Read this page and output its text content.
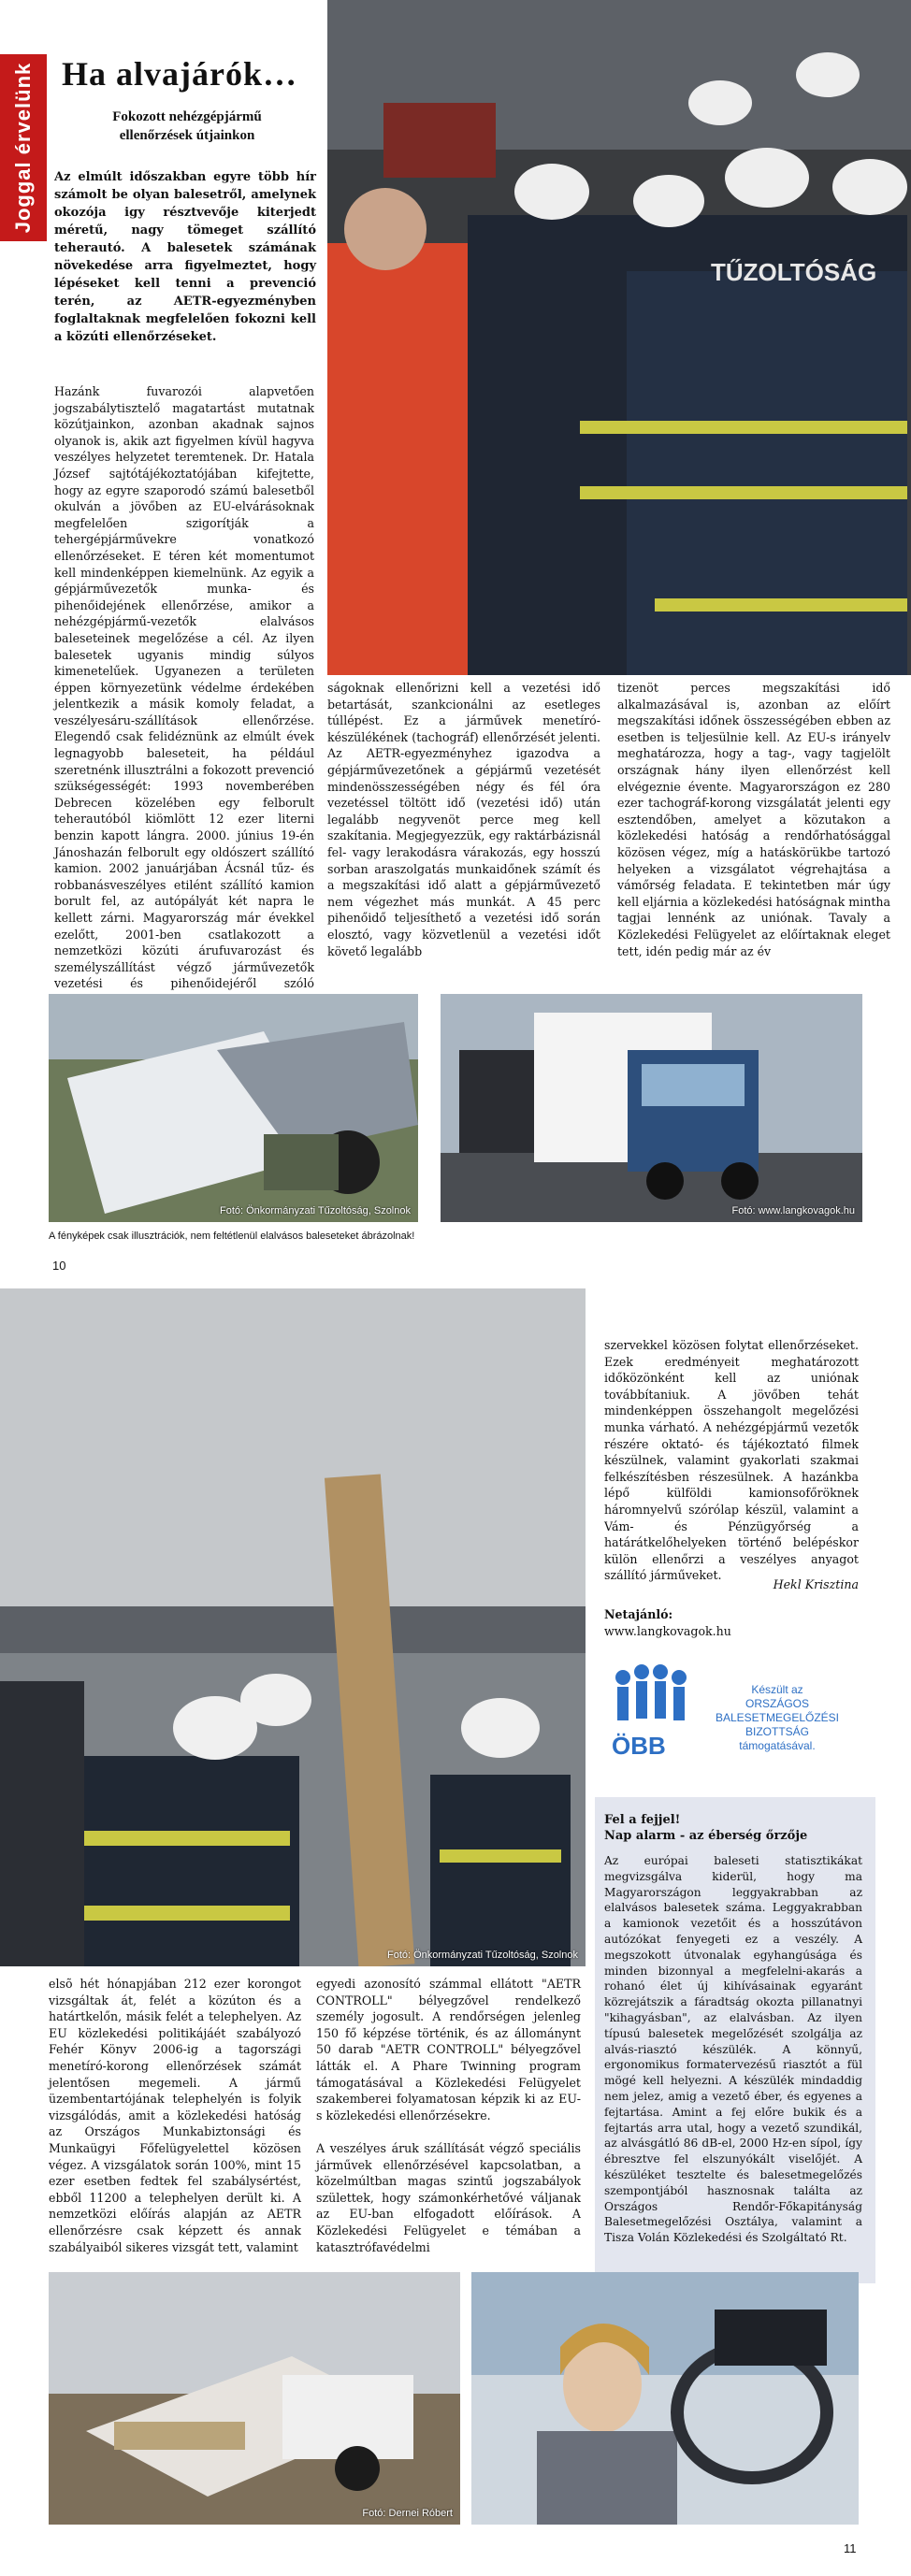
Joggal érvelünk Ha alvajárók…
Fokozott nehézgépjármű
ellenőrzések útjainkon
Az elmúlt időszakban egyre több hír számolt be olyan balesetről, amelynek okozója igy résztvevője kiterjedt méretű, nagy tömeget szállító teherautó. A balesetek számának növekedése arra figyelmeztet, hogy lépéseket kell tenni a prevenció terén, az AETR-egyezményben foglaltaknak megfelelően fokozni kell a közúti ellenőrzéseket.

Hazánk fuvarozói alapvetően jogszabálytisztelő magatartást mutatnak közútjainkon, azonban akadnak sajnos olyanok is, akik azt figyelmen kívül hagyva veszélyes helyzetet teremtenek. Dr. Hatala József sajtótájékoztatójában kifejtette, hogy az egyre szaporodó számú balesetből okulván a jövőben az EU-elvárásoknak megfelelően szigorítják a tehergépjárművekre vonatkozó ellenőrzéseket. E téren két momentumot kell mindenképpen kiemelnünk. Az egyik a gépjárművezetők munka- és pihenőidejének ellenőrzése, amikor a nehézgépjármű-vezetők elalvásos baleseteinek megelőzése a cél. Az ilyen balesetek ugyanis mindig súlyos kimenetelűek. Ugyanezen a területen éppen környezetünk védelme érdekében jelentkezik a másik komoly feladat, a veszélyesáru-szállítások ellenőrzése. Elegendő csak felidéznünk az elmúlt évek legnagyobb baleseteit, ha például szeretnénk illusztrálni a fokozott prevenció szükségességét: 1993 novemberében Debrecen közelében egy felborult teherautóból kiömlött 12 ezer literni benzin kapott lángra. 2000. június 19-én Jánoshazán felborult egy oldószert szállító kamion. 2002 januárjában Ácsnál tűz- és robbanásveszélyes etilént szállító kamion borult fel, az autópályát két napra le kellett zárni. Magyarország már évekkel ezelőtt, 2001-ben csatlakozott a nemzetközi közúti árufuvarozást és személyszállítást végző járművezetők vezetési és pihenőidejéről szóló

TŰZOLTÓSÁG
ságoknak ellenőrizni kell a vezetési idő betartását, szankcionálni az esetleges túllépést. Ez a járművek menetíró-készülékének (tachográf) ellenőrzését jelenti. Az AETR-egyezményhez igazodva a gépjárművezetőnek a gépjármű vezetését mindenösszességében négy és fél óra vezetéssel töltött idő (vezetési idő) után legalább negyvenöt perce meg kell szakítania. Megjegyezzük, egy raktárbázisnál fel- vagy lerakodásra várakozás, egy hosszú sorban araszolgatás munkaidőnek számít és a megszakítási idő alatt a gépjárművezető nem végezhet más munkát. A 45 perc pihenőidő teljesíthető a vezetési idő során elosztó, vagy közvetlenül a vezetési időt követő legalább
tizenöt perces megszakítási idő alkalmazásával is, azonban az előírt megszakítási időnek összességében ebben az esetben is teljesülnie kell. Az EU-s irányelv meghatározza, hogy a tag-, vagy tagjelölt országnak hány ilyen ellenőrzést kell elvégeznie évente. Magyarországon ez 280 ezer tachográf-korong vizsgálatát jelenti egy esztendőben, amelyet a közutakon a közlekedési hatóság a rendőrhatósággal közösen végez, míg a hatáskörükbe tartozó helyeken a vizsgálatot végrehajtása a vámőrség feladata. E tekintetben már úgy kell eljárnia a közlekedési hatóságnak mintha tagjai lennénk az uniónak. Tavaly a Közlekedési Felügyelet az előírtaknak eleget tett, idén pedig már az év
Fotó: Önkormányzati Tűzoltóság, Szolnok	Fotó: www.langkovagok.hu
A fényképek csak illusztrációk, nem feltétlenül elalvásos baleseteket ábrázolnak!
10
Fotó: Önkormányzati Tűzoltóság, Szolnok
szervekkel közösen folytat ellenőrzéseket. Ezek eredményeit meghatározott időközönként kell az uniónak továbbítaniuk. A jövőben tehát mindenképpen összehangolt megelőzési munka várható. A nehézgépjármű vezetők részére oktató- és tájékoztató filmek készülnek, valamint gyakorlati szakmai felkészítésben részesülnek. A hazánkba lépő külföldi kamionsofőröknek háromnyelvű szórólap készül, valamint a Vám- és Pénzügyőrség a határátkelőhelyeken történő belépéskor külön ellenőrzi a veszélyes anyagot szállító járműveket.
Hekl Krisztina
Netajánló:
www.langkovagok.hu
ÖBB
Készült az
ORSZÁGOS
BALESETMEGELŐZÉSI
BIZOTTSÁG
támogatásával.
Fel a fejjel!
Nap alarm - az éberség őrzője
Az európai baleseti statisztikákat megvizsgálva kiderül, hogy ma Magyarországon leggyakrabban az elalvásos balesetek száma. Leggyakrabban a kamionok vezetőit és a hosszútávon autózókat fenyegeti ez a veszély. A megszokott útvonalak egyhangúsága és minden bizonnyal a megfelelni-akarás a rohanó élet új kihívásainak egyaránt közrejátszik a fáradtság okozta pillanatnyi "kihagyásban", az elalvásban. Az ilyen típusú balesetek megelőzését szolgálja az alvás-riasztó készülék. A könnyű, ergonomikus formatervezésű riasztót a fül mögé kell helyezni. A készülék mindaddig nem jelez, amig a vezető éber, és egyenes a fejtartása. Amint a fej előre bukik és a fejtartás arra utal, hogy a vezető szundikál, az alvásgátló 86 dB-el, 2000 Hz-en sípol, így ébresztve fel elszunyókált viselőjét. A készüléket tesztelte és balesetmegelőzés szempontjából hasznosnak találta az Országos Rendőr-Főkapitányság Balesetmegelőzési Osztálya, valamint a Tisza Volán Közlekedési és Szolgáltató Rt.
elsõ hét hónapjában 212 ezer korongot vizsgáltak át, felét a közúton és a határtkelőn, másik felét a telephelyen. Az EU közlekedési politikájáét szabályozó Fehér Könyv 2006-ig a tagországi menetíró-korong ellenőrzések számát jelentősen megemeli. A jármű üzembentartójának telephelyén is folyik vizsgálódás, amit a közlekedési hatóság az Országos Munkabiztonsági és Munkaügyi Főfelügyelettel közösen végez. A vizsgálatok során 100%, mint 15 ezer esetben fedtek fel szabálysértést, ebből 11200 a telephelyen derült ki. A nemzetközi előírás alapján az AETR ellenőrzésre csak képzett és annak szabályaiból sikeres vizsgát tett, valamint
egyedi azonosító számmal ellátott "AETR CONTROLL" bélyegzővel rendelkező személy jogosult. A rendőrségen jelenleg 150 fő képzése történik, és az állománynt 50 darab "AETR CONTROLL" bélyegzővel látták el. A Phare Twinning program támogatásával a Közlekedési Felügyelet szakemberei folyamatosan képzik ki az EU-s közlekedési ellenőrzésekre.

A veszélyes áruk szállítását végző speciális járművek ellenőrzésével kapcsolatban, a közelmúltban magas szintű jogszabályok születtek, hogy számonkérhetővé váljanak az EU-ban elfogadott előírások. A Közlekedési Felügyelet e témában a katasztrófavédelmi
Fotó: Dernei Róbert
11
